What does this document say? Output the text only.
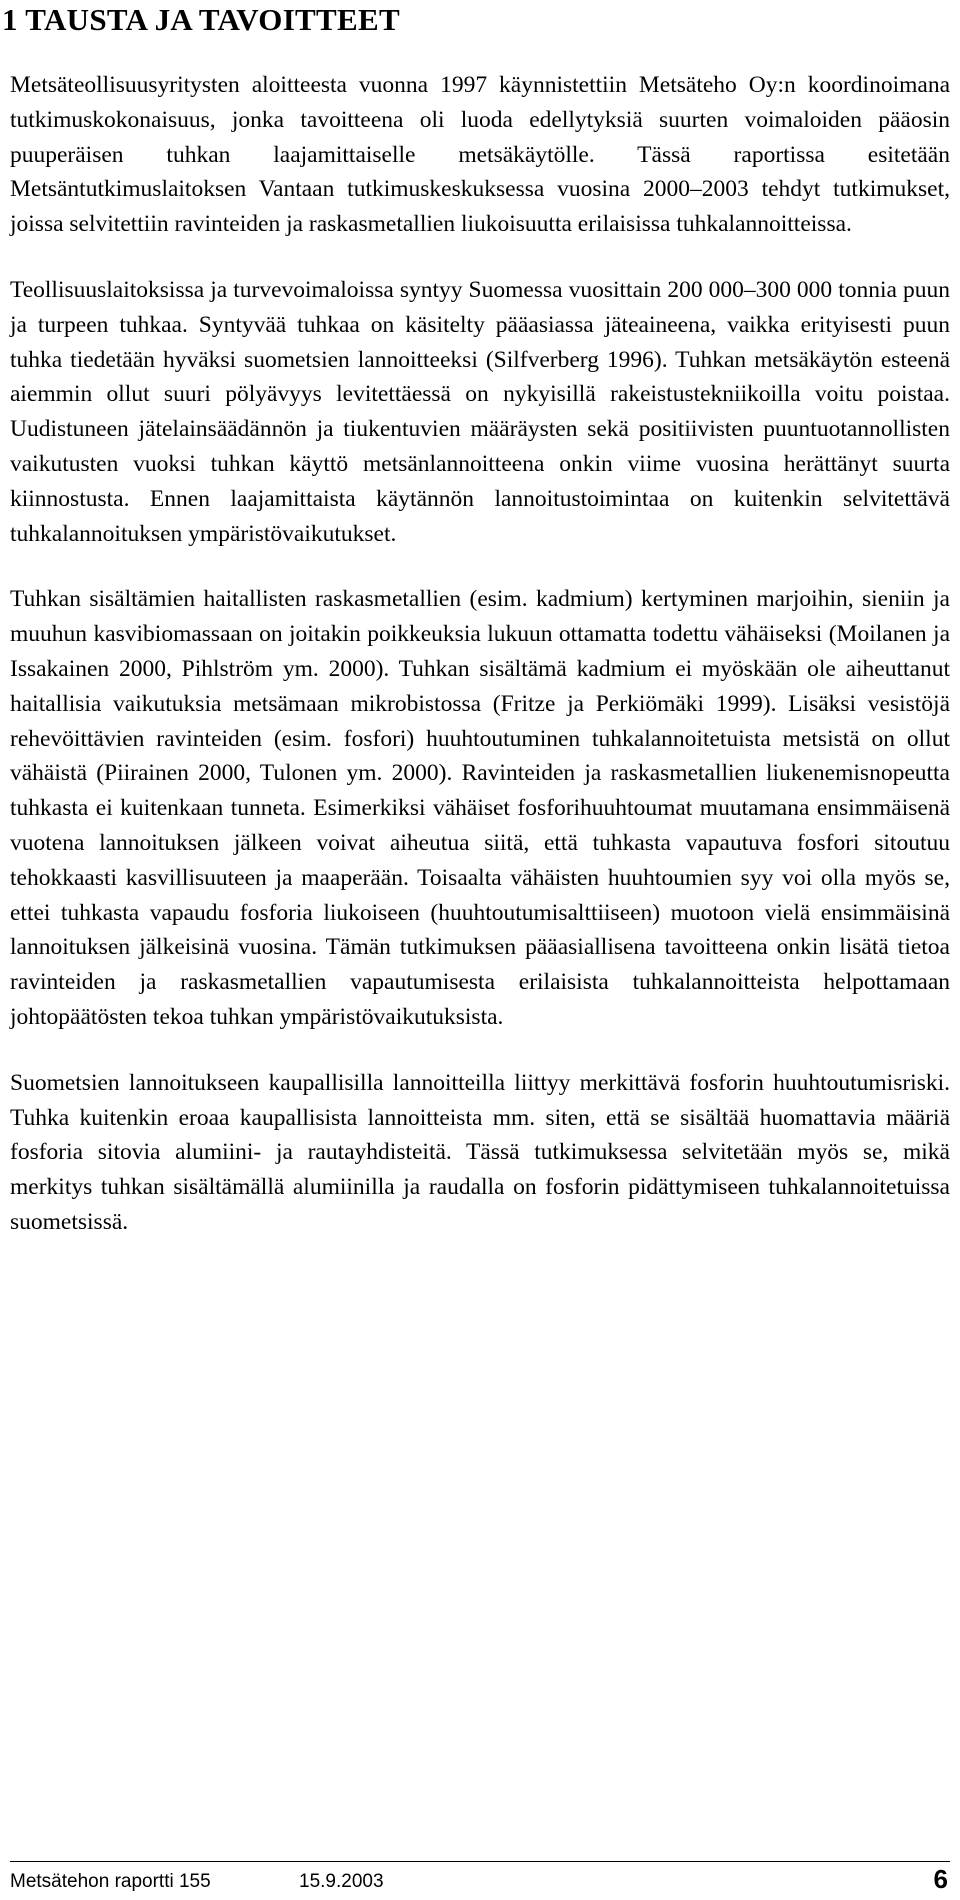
1 TAUSTA JA TAVOITTEET

Metsäteollisuusyritysten aloitteesta vuonna 1997 käynnistettiin Metsäteho Oy:n koordinoimana tutkimuskokonaisuus, jonka tavoitteena oli luoda edellytyksiä suurten voimaloiden pääosin puuperäisen tuhkan laajamittaiselle metsäkäytölle. Tässä raportissa esitetään Metsäntutkimuslaitoksen Vantaan tutkimuskeskuksessa vuosina 2000–2003 tehdyt tutkimukset, joissa selvitettiin ravinteiden ja raskasmetallien liukoisuutta erilaisissa tuhkalannoitteissa.

Teollisuuslaitoksissa ja turvevoimaloissa syntyy Suomessa vuosittain 200 000–300 000 tonnia puun ja turpeen tuhkaa. Syntyvää tuhkaa on käsitelty pääasiassa jäteaineena, vaikka erityisesti puun tuhka tiedetään hyväksi suometsien lannoitteeksi (Silfverberg 1996). Tuhkan metsäkäytön esteenä aiemmin ollut suuri pölyävyys levitettäessä on nykyisillä rakeistustekniikoilla voitu poistaa. Uudistuneen jätelainsäädännön ja tiukentuvien määräysten sekä positiivisten puuntuotannollisten vaikutusten vuoksi tuhkan käyttö metsänlannoitteena onkin viime vuosina herättänyt suurta kiinnostusta. Ennen laajamittaista käytännön lannoitustoimintaa on kuitenkin selvitettävä tuhkalannoituksen ympäristövaikutukset.

Tuhkan sisältämien haitallisten raskasmetallien (esim. kadmium) kertyminen marjoihin, sieniin ja muuhun kasvibiomassaan on joitakin poikkeuksia lukuun ottamatta todettu vähäiseksi (Moilanen ja Issakainen 2000, Pihlström ym. 2000). Tuhkan sisältämä kadmium ei myöskään ole aiheuttanut haitallisia vaikutuksia metsämaan mikrobistossa (Fritze ja Perkiömäki 1999). Lisäksi vesistöjä rehevöittävien ravinteiden (esim. fosfori) huuhtoutuminen tuhkalannoitetuista metsistä on ollut vähäistä (Piirainen 2000, Tulonen ym. 2000). Ravinteiden ja raskasmetallien liukenemisnopeutta tuhkasta ei kuitenkaan tunneta. Esimerkiksi vähäiset fosforihuuhtoumat muutamana ensimmäisenä vuotena lannoituksen jälkeen voivat aiheutua siitä, että tuhkasta vapautuva fosfori sitoutuu tehokkaasti kasvillisuuteen ja maaperään. Toisaalta vähäisten huuhtoumien syy voi olla myös se, ettei tuhkasta vapaudu fosforia liukoiseen (huuhtoutumisalttiiseen) muotoon vielä ensimmäisinä lannoituksen jälkeisinä vuosina. Tämän tutkimuksen pääasiallisena tavoitteena onkin lisätä tietoa ravinteiden ja raskasmetallien vapautumisesta erilaisista tuhkalannoitteista helpottamaan johtopäätösten tekoa tuhkan ympäristövaikutuksista.

Suometsien lannoitukseen kaupallisilla lannoitteilla liittyy merkittävä fosforin huuhtoutumisriski. Tuhka kuitenkin eroaa kaupallisista lannoitteista mm. siten, että se sisältää huomattavia määriä fosforia sitovia alumiini- ja rautayhdisteitä. Tässä tutkimuksessa selvitetään myös se, mikä merkitys tuhkan sisältämällä alumiinilla ja raudalla on fosforin pidättymiseen tuhkalannoitetuissa suometsissä.

Metsätehon raportti 155	15.9.2003	6
